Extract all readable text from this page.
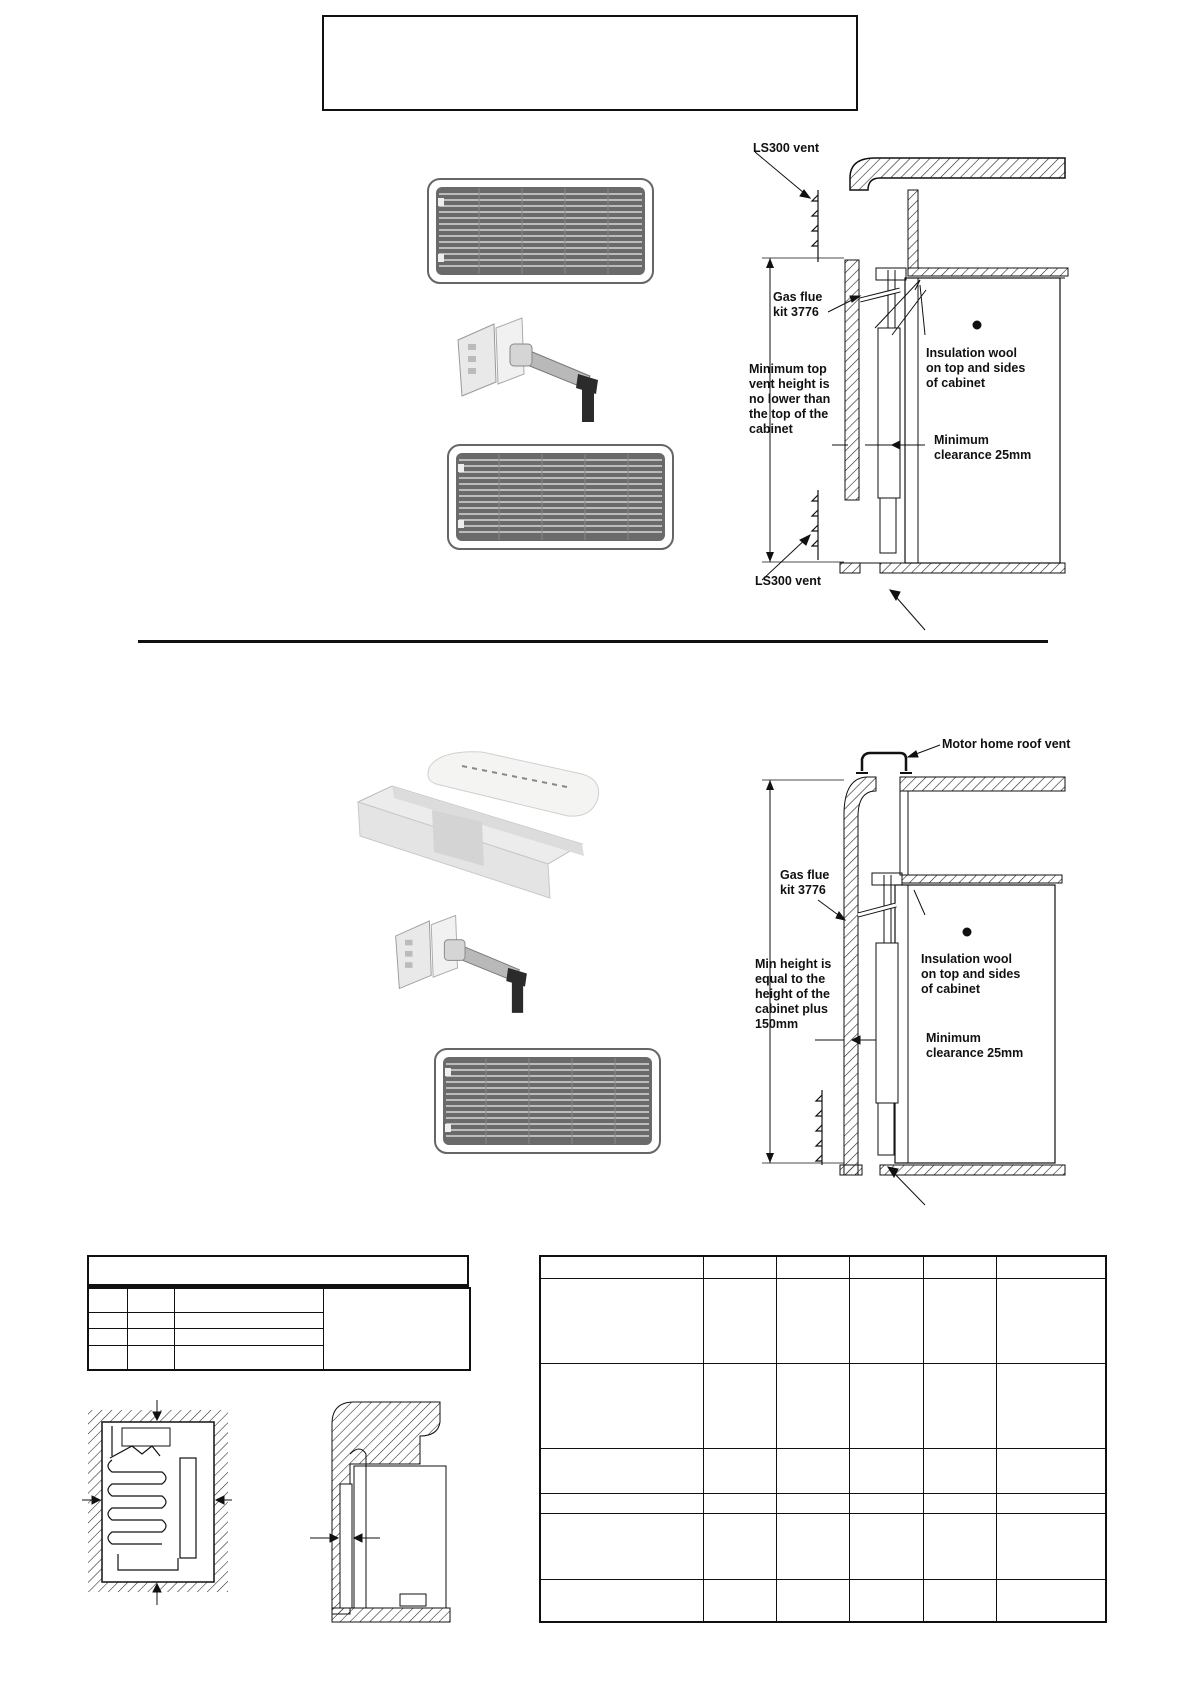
LS300 vent
Gas flue
kit 3776
Minimum top
vent height is
no lower than
the top of the
cabinet
Insulation wool
on top and sides
of cabinet
Minimum
clearance 25mm
LS300 vent
Motor home roof vent
Gas flue
kit 3776
Min height is
equal to the
height of the
cabinet plus
150mm
Insulation wool
on top and sides
of cabinet
Minimum
clearance 25mm
